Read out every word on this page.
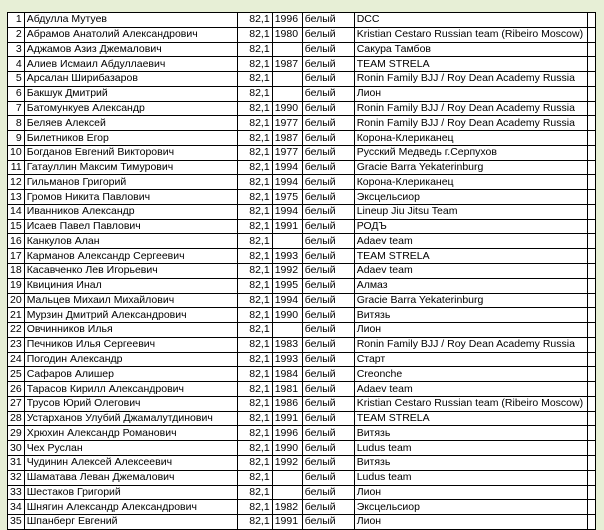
1	Абдулла Мутуев	82,1	1996	белый	DCC	
2	Абрамов Анатолий Александрович	82,1	1980	белый	Kristian Cestaro Russian team (Ribeiro Moscow)	
3	Аджамов Азиз Джемалович	82,1		белый	Сакура Тамбов	
4	Алиев Исмаил Абдуллаевич	82,1	1987	белый	TEAM STRELA	
5	Арсалан Ширибазаров	82,1		белый	Ronin Family BJJ / Roy Dean Academy Russia	
6	Бакшук Дмитрий	82,1		белый	Лион	
7	Батомункуев Александр	82,1	1990	белый	Ronin Family BJJ / Roy Dean Academy Russia	
8	Беляев Алексей	82,1	1977	белый	Ronin Family BJJ / Roy Dean Academy Russia	
9	Билетников Егор	82,1	1987	белый	Корона-Клериканец	
10	Богданов Евгений Викторович	82,1	1977	белый	Русский Медведь г.Серпухов	
11	Гатауллин Максим Тимурович	82,1	1994	белый	Gracie Barra Yekaterinburg	
12	Гильманов Григорий	82,1	1994	белый	Корона-Клериканец	
13	Громов Никита Павлович	82,1	1975	белый	Эксцельсиор	
14	Иванников Александр	82,1	1994	белый	Lineup Jiu Jitsu Team	
15	Исаев Павел Павлович	82,1	1991	белый	РОДЪ	
16	Канкулов Алан	82,1		белый	Adaev team	
17	Карманов Александр Сергеевич	82,1	1993	белый	TEAM STRELA	
18	Касавченко Лев Игорьевич	82,1	1992	белый	Adaev team	
19	Квициния Инал	82,1	1995	белый	Алмаз	
20	Мальцев Михаил Михайлович	82,1	1994	белый	Gracie Barra Yekaterinburg	
21	Мурзин Дмитрий Александрович	82,1	1990	белый	Витязь	
22	Овчинников Илья	82,1		белый	Лион	
23	Печников Илья Сергеевич	82,1	1983	белый	Ronin Family BJJ / Roy Dean Academy Russia	
24	Погодин Александр	82,1	1993	белый	Старт	
25	Сафаров Алишер	82,1	1984	белый	Creonche	
26	Тарасов Кирилл Александрович	82,1	1981	белый	Adaev team	
27	Трусов Юрий Олегович	82,1	1986	белый	Kristian Cestaro Russian team (Ribeiro Moscow)	
28	Устарханов Улубий Джамалутдинович	82,1	1991	белый	TEAM STRELA	
29	Хрюхин Александр Романович	82,1	1996	белый	Витязь	
30	Чех Руслан	82,1	1990	белый	Ludus team	
31	Чудинин Алексей Алексеевич	82,1	1992	белый	Витязь	
32	Шаматава Леван Джемалович	82,1		белый	Ludus team	
33	Шестаков Григорий	82,1		белый	Лион	
34	Шнягин Александр Александрович	82,1	1982	белый	Эксцельсиор	
35	Шпанберг Евгений	82,1	1991	белый	Лион	
